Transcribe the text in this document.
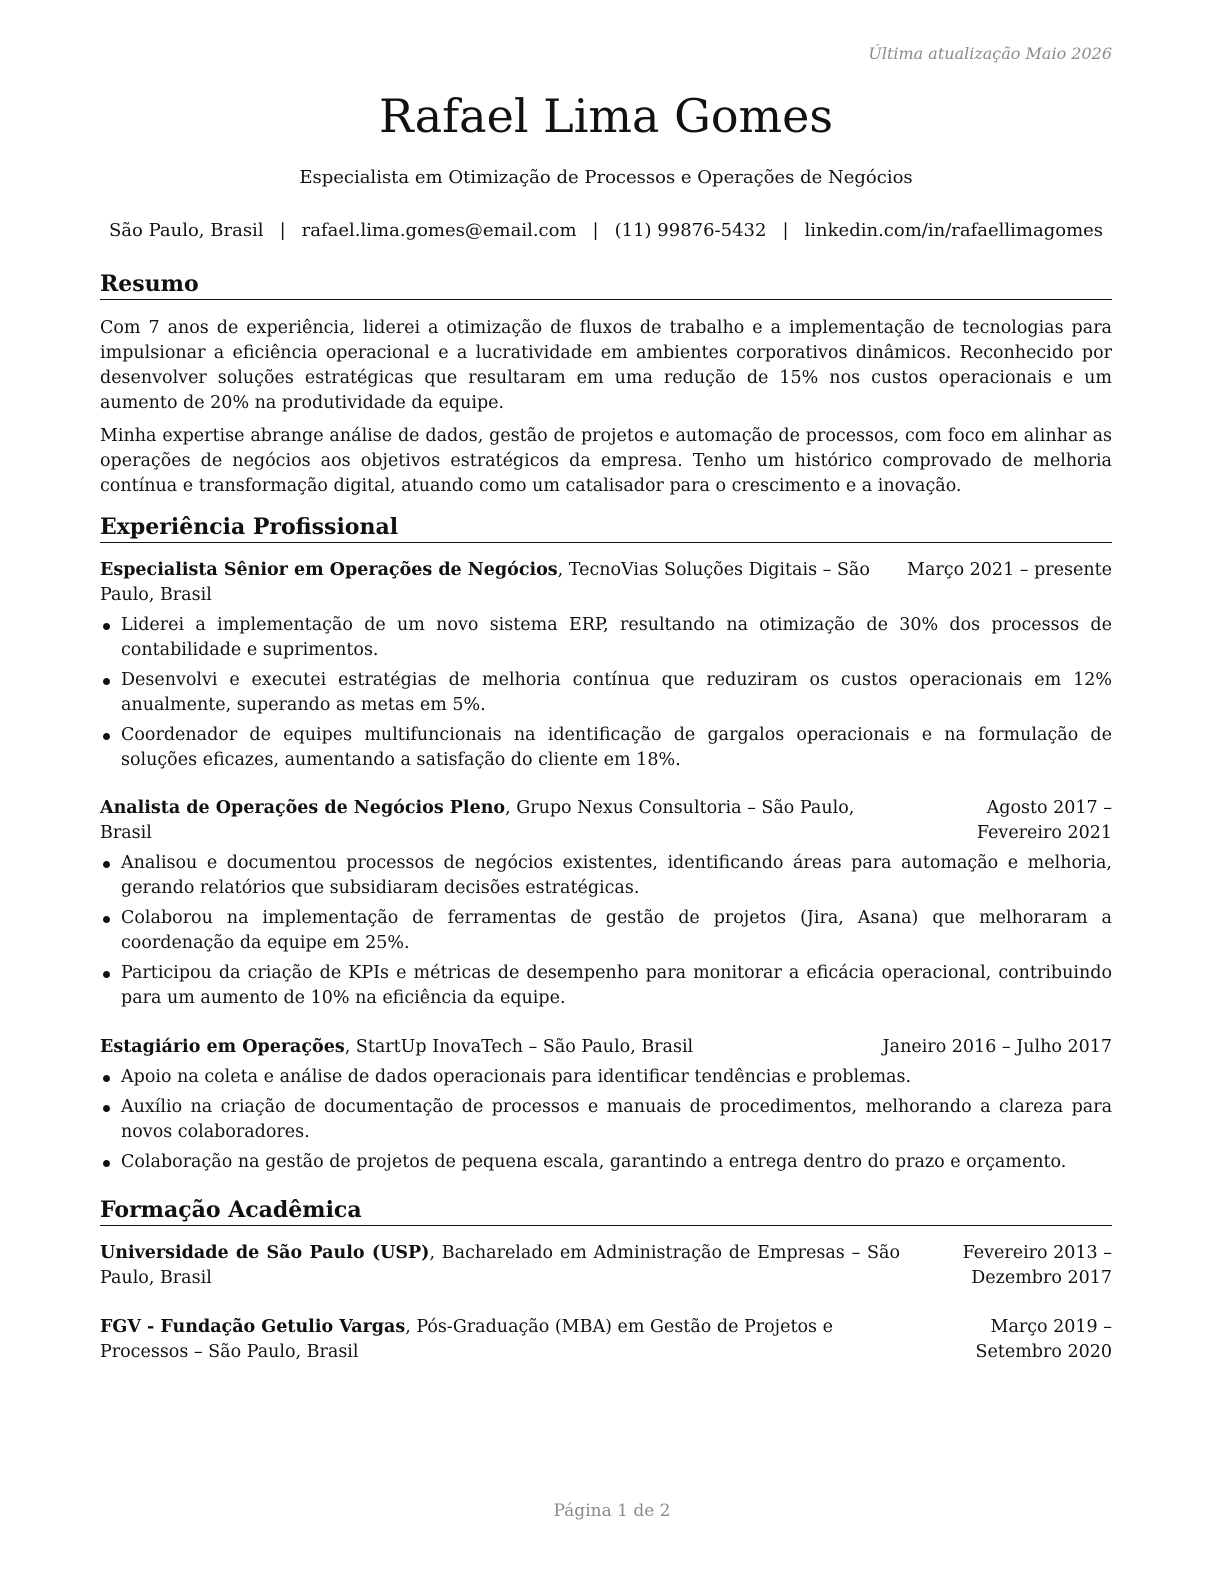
Última atualização Maio 2026
Rafael Lima Gomes
Especialista em Otimização de Processos e Operações de Negócios
São Paulo, Brasil | rafael.lima.gomes@email.com | (11) 99876-5432 | linkedin.com/in/rafaellimagomes
Resumo
Com 7 anos de experiência, liderei a otimização de fluxos de trabalho e a implementação de tecnologias para impulsionar a eficiência operacional e a lucratividade em ambientes corporativos dinâmicos. Reconhecido por desenvolver soluções estratégicas que resultaram em uma redução de 15% nos custos operacionais e um aumento de 20% na produtividade da equipe.
Minha expertise abrange análise de dados, gestão de projetos e automação de processos, com foco em alinhar as operações de negócios aos objetivos estratégicos da empresa. Tenho um histórico comprovado de melhoria contínua e transformação digital, atuando como um catalisador para o crescimento e a inovação.
Experiência Profissional
Especialista Sênior em Operações de Negócios, TecnoVias Soluções Digitais – São Paulo, Brasil
Março 2021 – presente
Liderei a implementação de um novo sistema ERP, resultando na otimização de 30% dos processos de contabilidade e suprimentos.
Desenvolvi e executei estratégias de melhoria contínua que reduziram os custos operacionais em 12% anualmente, superando as metas em 5%.
Coordenador de equipes multifuncionais na identificação de gargalos operacionais e na formulação de soluções eficazes, aumentando a satisfação do cliente em 18%.
Analista de Operações de Negócios Pleno, Grupo Nexus Consultoria – São Paulo, Brasil
Agosto 2017 – Fevereiro 2021
Analisou e documentou processos de negócios existentes, identificando áreas para automação e melhoria, gerando relatórios que subsidiaram decisões estratégicas.
Colaborou na implementação de ferramentas de gestão de projetos (Jira, Asana) que melhoraram a coordenação da equipe em 25%.
Participou da criação de KPIs e métricas de desempenho para monitorar a eficácia operacional, contribuindo para um aumento de 10% na eficiência da equipe.
Estagiário em Operações, StartUp InovaTech – São Paulo, Brasil	Janeiro 2016 – Julho 2017
Apoio na coleta e análise de dados operacionais para identificar tendências e problemas.
Auxílio na criação de documentação de processos e manuais de procedimentos, melhorando a clareza para novos colaboradores.
Colaboração na gestão de projetos de pequena escala, garantindo a entrega dentro do prazo e orçamento.
Formação Acadêmica
Universidade de São Paulo (USP), Bacharelado em Administração de Empresas – São Paulo, Brasil
Fevereiro 2013 – Dezembro 2017
FGV - Fundação Getulio Vargas, Pós-Graduação (MBA) em Gestão de Projetos e Processos – São Paulo, Brasil
Março 2019 – Setembro 2020
Página 1 de 2
